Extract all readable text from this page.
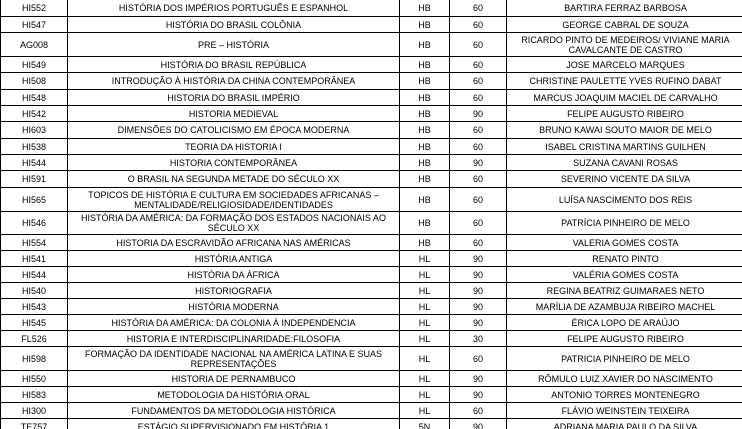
HI552	HISTÓRIA DOS IMPÉRIOS PORTUGUÊS E ESPANHOL	HB	60	BARTIRA FERRAZ BARBOSA
HI547	HISTÓRIA DO BRASIL COLÔNIA	HB	60	GEORGE CABRAL DE SOUZA
AG008	PRE – HISTÓRIA	HB	60	RICARDO PINTO DE MEDEIROS/ VIVIANE MARIA CAVALCANTE DE CASTRO
HI549	HISTÓRIA DO BRASIL REPÚBLICA	HB	60	JOSE MARCELO MARQUES
HI508	INTRODUÇÃO À HISTÓRIA DA CHINA CONTEMPORÂNEA	HB	60	CHRISTINE PAULETTE YVES RUFINO DABAT
HI548	HISTORIA DO BRASIL IMPÉRIO	HB	60	MARCUS JOAQUIM MACIEL DE CARVALHO
HI542	HISTORIA MEDIEVAL	HB	90	FELIPE AUGUSTO RIBEIRO
HI603	DIMENSÕES DO CATOLICISMO EM ÉPOCA MODERNA	HB	60	BRUNO KAWAI SOUTO MAIOR DE MELO
HI538	TEORIA DA HISTORIA I	HB	60	ISABEL CRISTINA MARTINS GUILHEN
HI544	HISTORIA CONTEMPORÂNEA	HB	90	SUZANA CAVANI ROSAS
HI591	O BRASIL NA SEGUNDA METADE DO SÉCULO XX	HB	60	SEVERINO VICENTE DA SILVA
HI565	TOPICOS DE HISTÓRIA E CULTURA EM SOCIEDADES AFRICANAS – MENTALIDADE/RELIGIOSIDADE/IDENTIDADES	HB	60	LUÍSA NASCIMENTO DOS REIS
HI546	HISTÓRIA DA AMÉRICA: DA FORMAÇÃO DOS ESTADOS NACIONAIS AO SÉCULO XX	HB	60	PATRÍCIA PINHEIRO DE MELO
HI554	HISTORIA DA ESCRAVIDÃO AFRICANA NAS AMÉRICAS	HB	60	VALERIA GOMES COSTA
HI541	HISTÓRIA ANTIGA	HL	90	RENATO PINTO
HI544	HISTÓRIA DA ÁFRICA	HL	90	VALÉRIA GOMES COSTA
HI540	HISTORIOGRAFIA	HL	90	REGINA BEATRIZ GUIMARAES NETO
HI543	HISTÓRIA MODERNA	HL	90	MARÍLIA DE AZAMBUJA RIBEIRO MACHEL
HI545	HISTÓRIA DA AMÉRICA: DA COLONIA À INDEPENDENCIA	HL	90	ÉRICA LOPO DE ARAÚJO
FL526	HISTORIA E INTERDISCIPLINARIDADE:FILOSOFIA	HL	30	FELIPE AUGUSTO RIBEIRO
HI598	FORMAÇÃO DA IDENTIDADE NACIONAL NA AMÉRICA LATINA E SUAS REPRESENTAÇÕES	HL	60	PATRICIA PINHEIRO DE MELO
HI550	HISTORIA DE PERNAMBUCO	HL	90	RÔMULO LUIZ XAVIER DO NASCIMENTO
HI583	METODOLOGIA DA HISTÓRIA ORAL	HL	90	ANTONIO TORRES MONTENEGRO
HI300	FUNDAMENTOS DA METODOLOGIA HISTÓRICA	HL	60	FLÁVIO WEINSTEIN TEIXEIRA
TE757	ESTÁGIO SUPERVISIONADO EM HISTÓRIA 1	5N	90	ADRIANA MARIA PAULO DA SILVA
